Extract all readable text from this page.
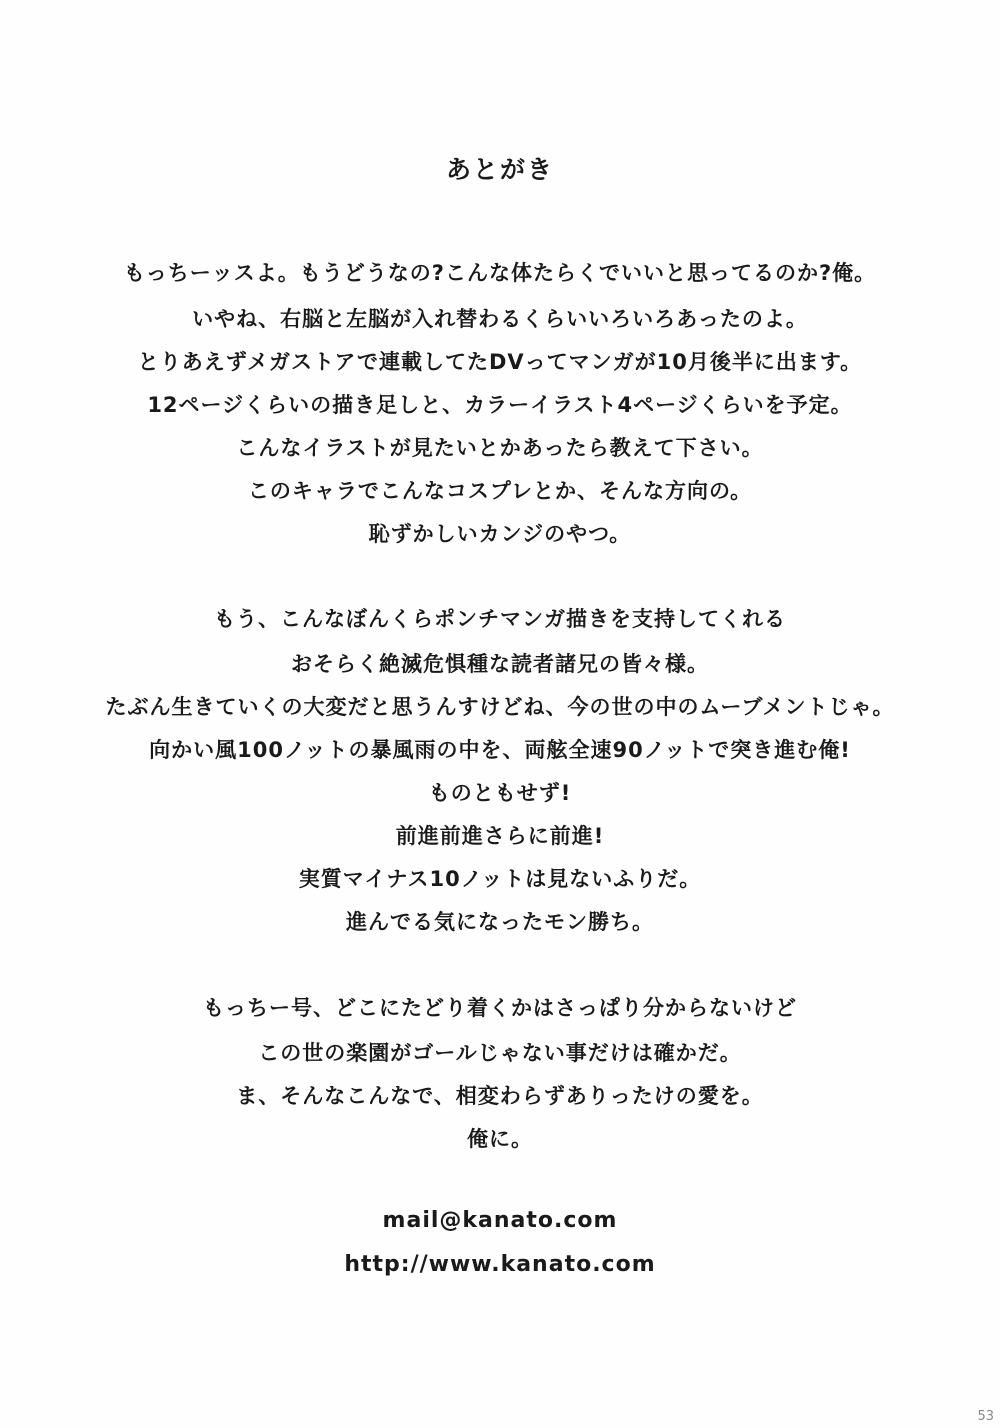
あとがき
もっちーッスよ。もうどうなの?こんな体たらくでいいと思ってるのか?俺。
いやね、右脳と左脳が入れ替わるくらいいろいろあったのよ。
とりあえずメガストアで連載してたDVってマンガが10月後半に出ます。
12ページくらいの描き足しと、カラーイラスト4ページくらいを予定。
こんなイラストが見たいとかあったら教えて下さい。
このキャラでこんなコスプレとか、そんな方向の。
恥ずかしいカンジのやつ。
もう、こんなぼんくらポンチマンガ描きを支持してくれる
おそらく絶滅危惧種な読者諸兄の皆々様。
たぶん生きていくの大変だと思うんすけどね、今の世の中のムーブメントじゃ。
向かい風100ノットの暴風雨の中を、両舷全速90ノットで突き進む俺!
ものともせず!
前進前進さらに前進!
実質マイナス10ノットは見ないふりだ。
進んでる気になったモン勝ち。
もっちー号、どこにたどり着くかはさっぱり分からないけど
この世の楽園がゴールじゃない事だけは確かだ。
ま、そんなこんなで、相変わらずありったけの愛を。
俺に。
mail@kanato.com
http://www.kanato.com
53
